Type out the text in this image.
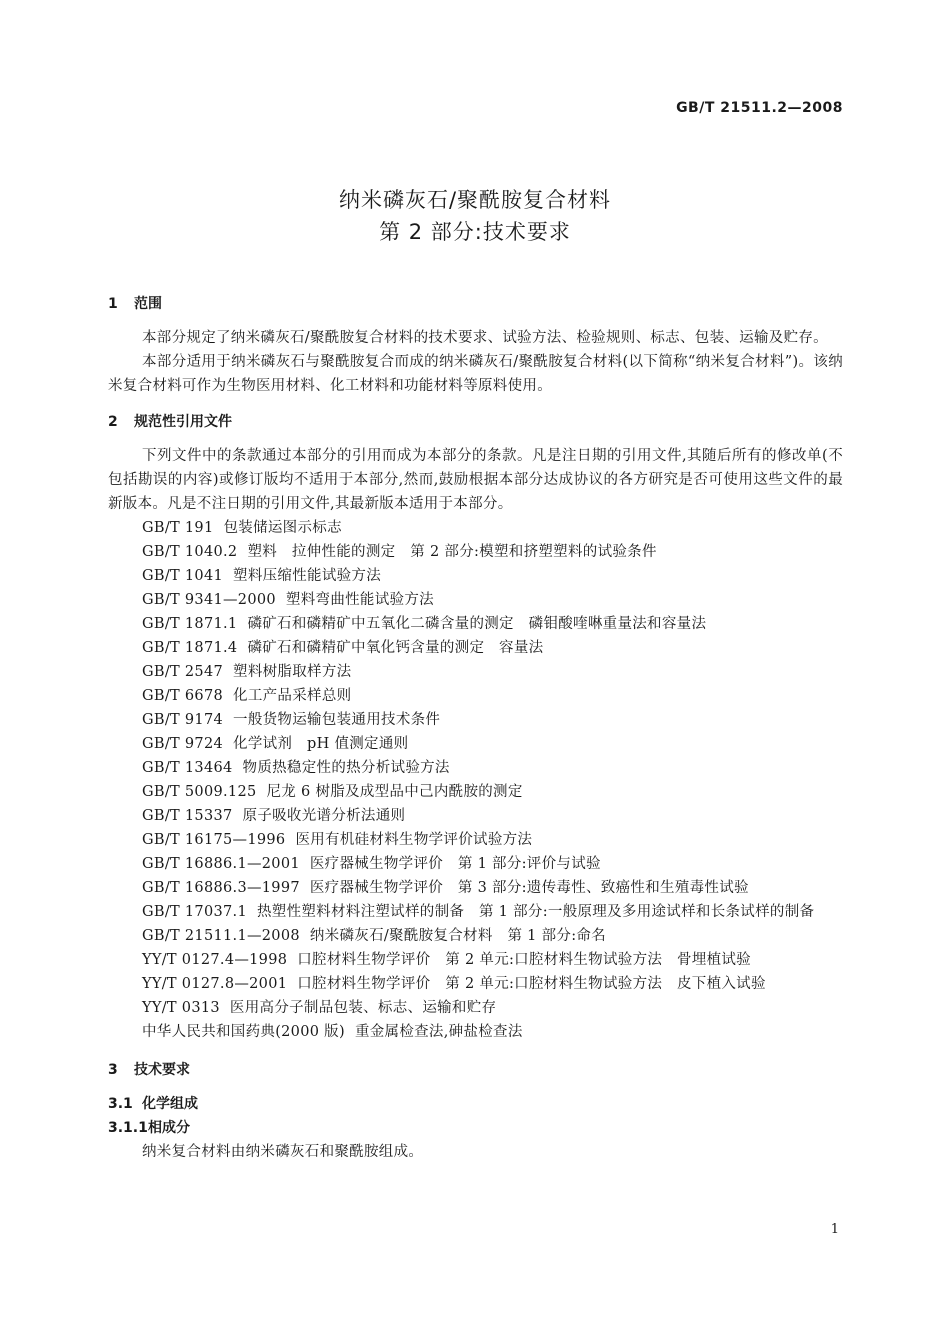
GB/T 21511.2—2008
纳米磷灰石/聚酰胺复合材料
第 2 部分:技术要求
1 范围

本部分规定了纳米磷灰石/聚酰胺复合材料的技术要求、试验方法、检验规则、标志、包装、运输及贮存。

本部分适用于纳米磷灰石与聚酰胺复合而成的纳米磷灰石/聚酰胺复合材料(以下简称“纳米复合材料”)。该纳米复合材料可作为生物医用材料、化工材料和功能材料等原料使用。

2 规范性引用文件

下列文件中的条款通过本部分的引用而成为本部分的条款。凡是注日期的引用文件,其随后所有的修改单(不包括勘误的内容)或修订版均不适用于本部分,然而,鼓励根据本部分达成协议的各方研究是否可使用这些文件的最新版本。凡是不注日期的引用文件,其最新版本适用于本部分。

GB/T 191 包装储运图示标志
GB/T 1040.2 塑料　拉伸性能的测定　第 2 部分:模塑和挤塑塑料的试验条件
GB/T 1041 塑料压缩性能试验方法
GB/T 9341—2000 塑料弯曲性能试验方法
GB/T 1871.1 磷矿石和磷精矿中五氧化二磷含量的测定　磷钼酸喹啉重量法和容量法
GB/T 1871.4 磷矿石和磷精矿中氧化钙含量的测定　容量法
GB/T 2547 塑料树脂取样方法
GB/T 6678 化工产品采样总则
GB/T 9174 一般货物运输包装通用技术条件
GB/T 9724 化学试剂　pH 值测定通则
GB/T 13464 物质热稳定性的热分析试验方法
GB/T 5009.125 尼龙 6 树脂及成型品中己内酰胺的测定
GB/T 15337 原子吸收光谱分析法通则
GB/T 16175—1996 医用有机硅材料生物学评价试验方法
GB/T 16886.1—2001 医疗器械生物学评价　第 1 部分:评价与试验
GB/T 16886.3—1997 医疗器械生物学评价　第 3 部分:遗传毒性、致癌性和生殖毒性试验
GB/T 17037.1 热塑性塑料材料注塑试样的制备　第 1 部分:一般原理及多用途试样和长条试样的制备
GB/T 21511.1—2008 纳米磷灰石/聚酰胺复合材料　第 1 部分:命名
YY/T 0127.4—1998 口腔材料生物学评价　第 2 单元:口腔材料生物试验方法　骨埋植试验
YY/T 0127.8—2001 口腔材料生物学评价　第 2 单元:口腔材料生物试验方法　皮下植入试验
YY/T 0313 医用高分子制品包装、标志、运输和贮存
中华人民共和国药典(2000 版) 重金属检查法,砷盐检查法
3 技术要求
3.1 化学组成
3.1.1相成分

纳米复合材料由纳米磷灰石和聚酰胺组成。

1
